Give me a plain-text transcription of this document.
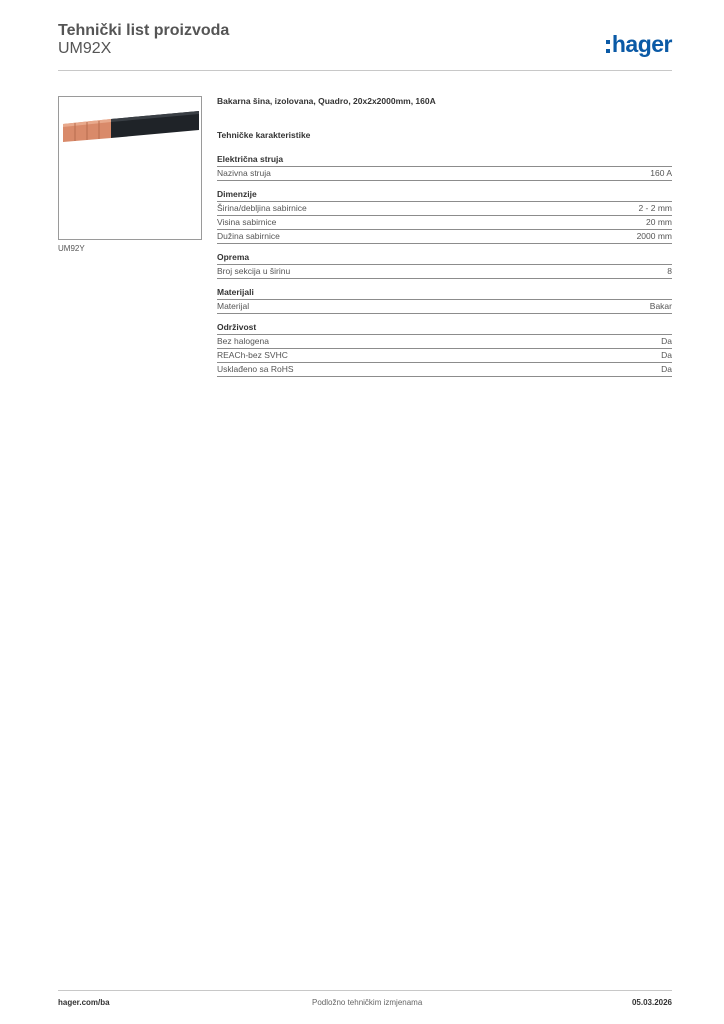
Tehnički list proizvoda
UM92X	hager
UM92Y
Bakarna šina, izolovana, Quadro, 20x2x2000mm, 160A
Tehničke karakteristike
Električna struja
Nazivna struja	160 A
Dimenzije
Širina/debljina sabirnice	2 - 2 mm
Visina sabirnice	20 mm
Dužina sabirnice	2000 mm
Oprema
Broj sekcija u širinu	8
Materijali
Materijal	Bakar
Održivost
Bez halogena	Da
REACh-bez SVHC	Da
Usklađeno sa RoHS	Da
hager.com/ba	Podložno tehničkim izmjenama	05.03.2026
